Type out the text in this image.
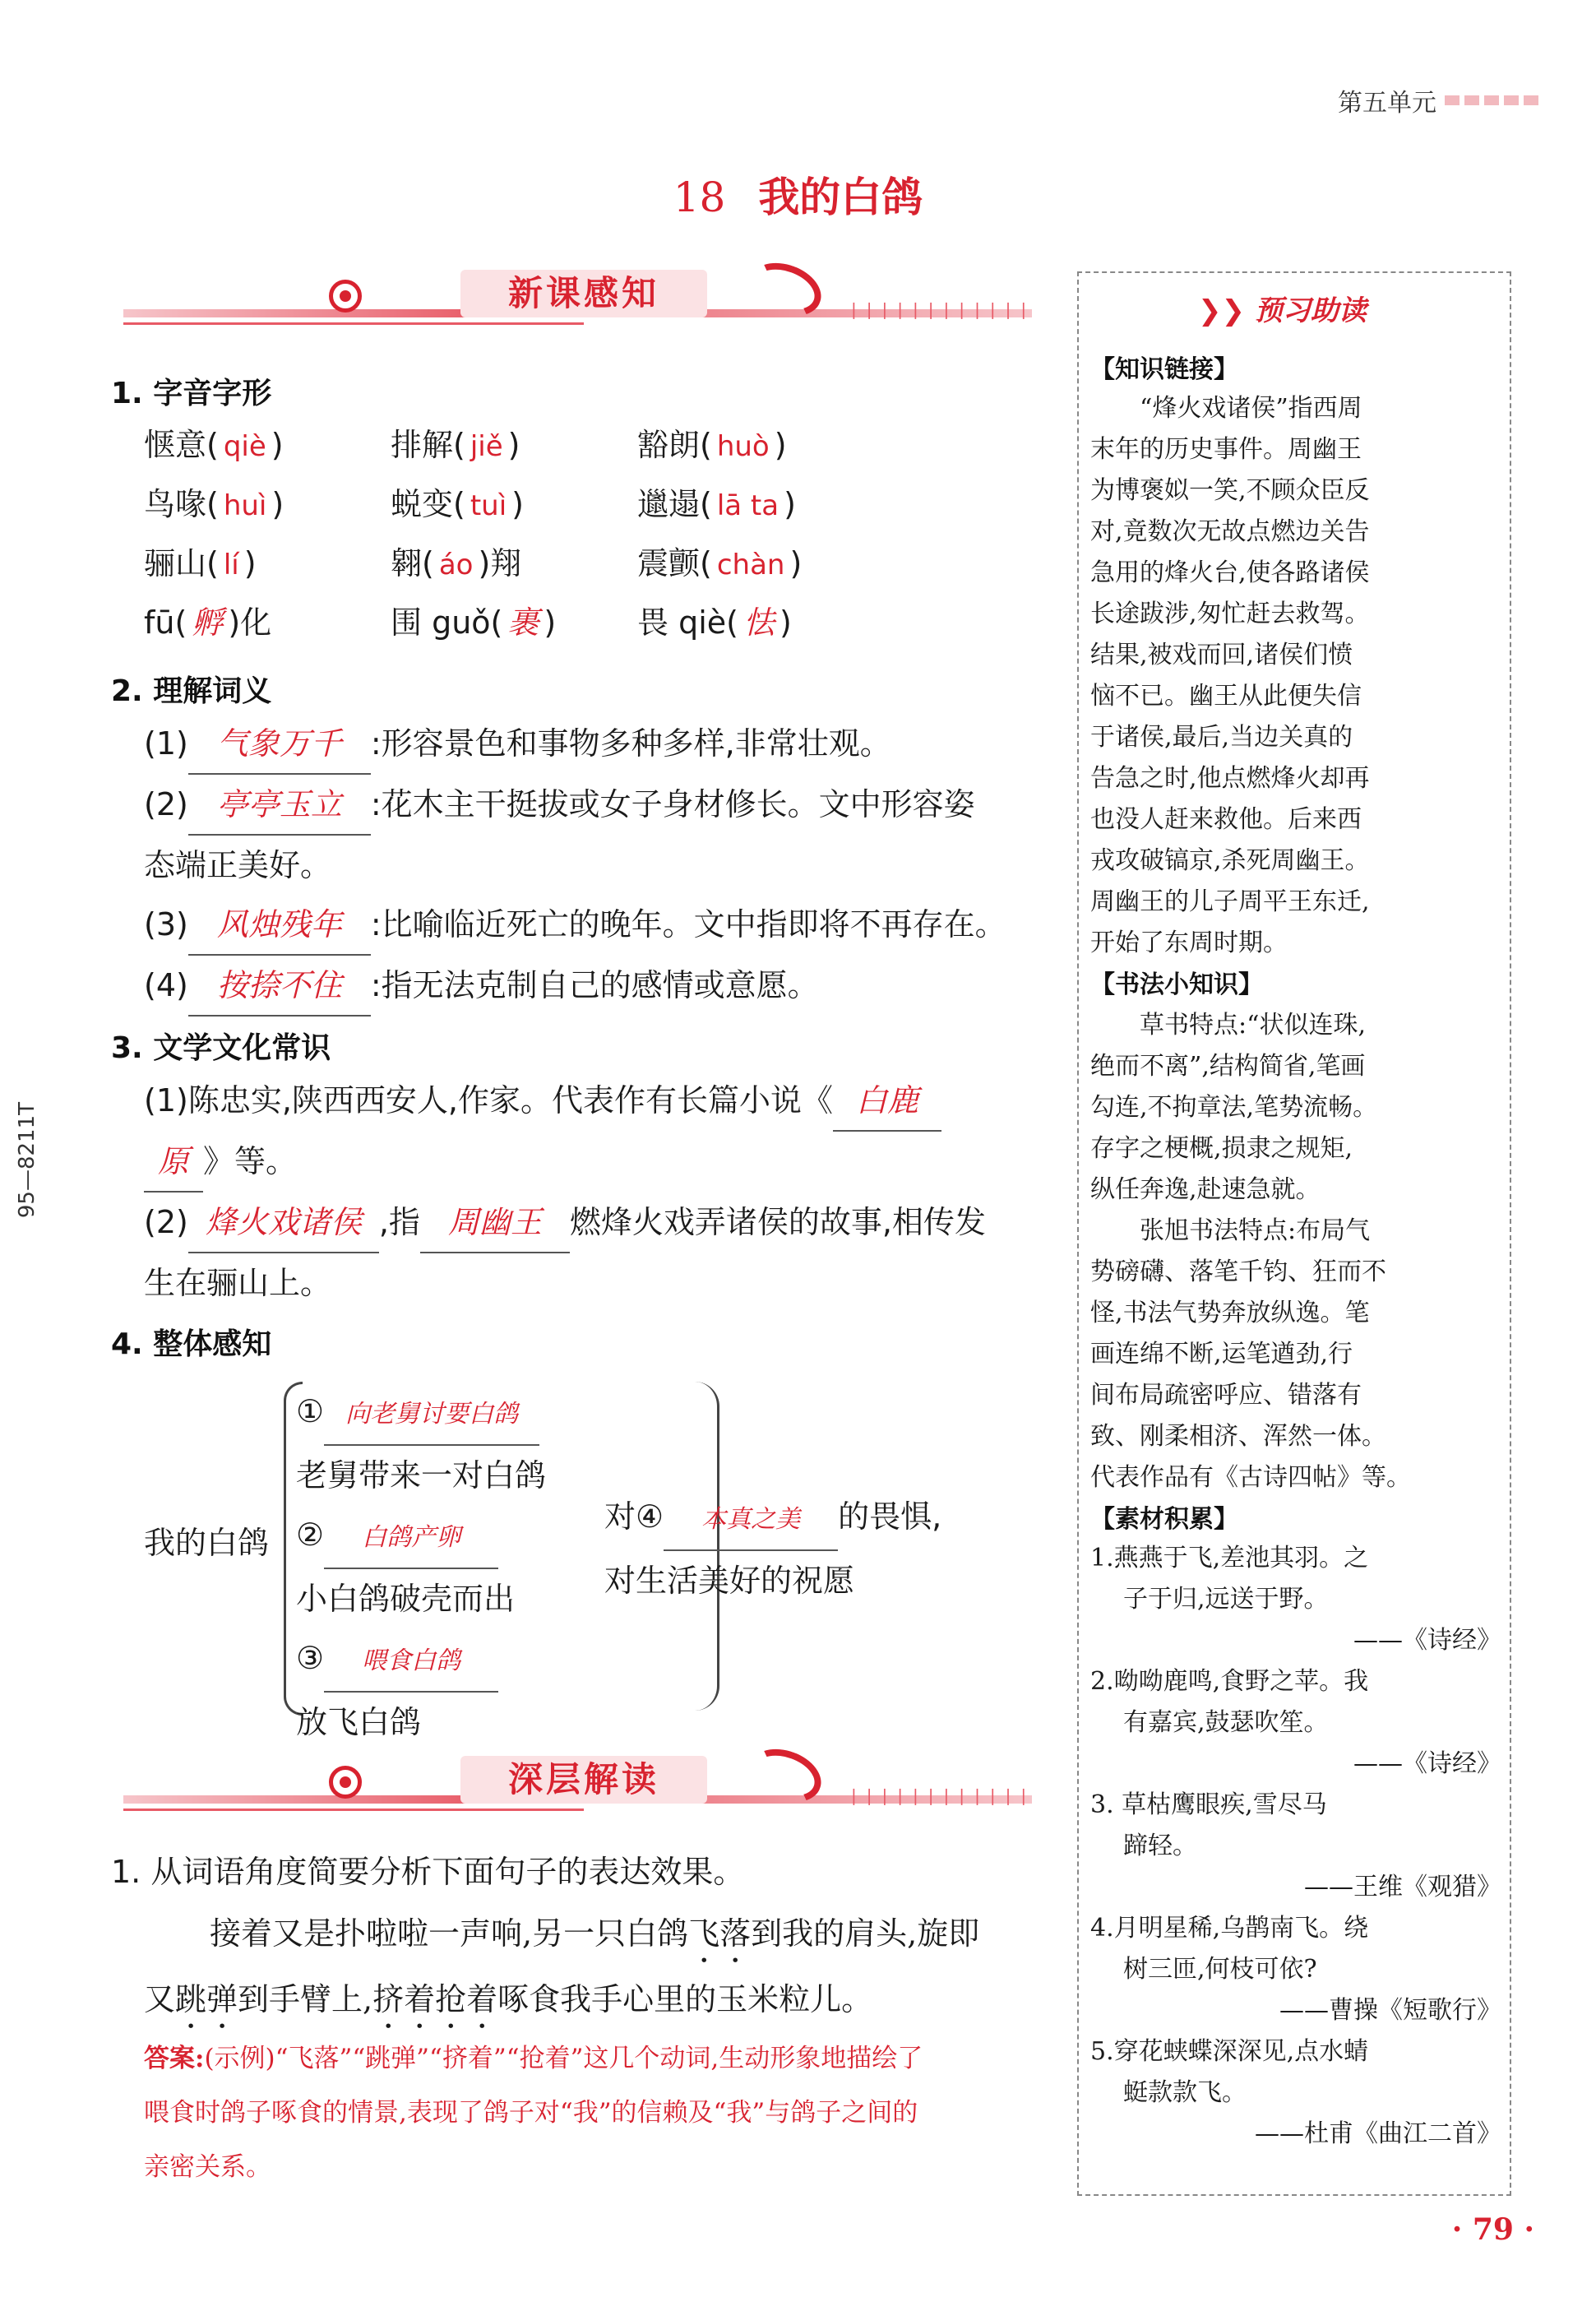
第五单元
18 我的白鸽
新课感知	❘❘❘❘❘❘❘❘❘❘❘❘
1. 字音字形
惬意( qiè )	排解( jiě )	豁朗( huò )
鸟喙( huì )	蜕变( tuì )	邋遢( lā ta )
骊山( lí )	翱( áo )翔	震颤( chàn )
fū( 孵 )化	围 guǒ( 裹 )	畏 qiè( 怯 )
2. 理解词义
(1) 气象万千 :形容景色和事物多种多样,非常壮观。
(2) 亭亭玉立 :花木主干挺拔或女子身材修长。文中形容姿
态端正美好。
(3) 风烛残年 :比喻临近死亡的晚年。文中指即将不再存在。
(4) 按捺不住 :指无法克制自己的感情或意愿。
3. 文学文化常识
(1)陈忠实,陕西西安人,作家。代表作有长篇小说《 白鹿
原 》等。
(2) 烽火戏诸侯 ,指 周幽王 燃烽火戏弄诸侯的故事,相传发
生在骊山上。
4. 整体感知
我的白鸽
① 向老舅讨要白鸽
老舅带来一对白鸽
② 白鸽产卵
小白鸽破壳而出
③ 喂食白鸽
放飞白鸽
对④ 本真之美 的畏惧,
对生活美好的祝愿
深层解读	❘❘❘❘❘❘❘❘❘❘❘❘
1. 从词语角度简要分析下面句子的表达效果。
接着又是扑啦啦一声响,另一只白鸽飞落到我的肩头,旋即
又跳弹到手臂上,挤着抢着啄食我手心里的玉米粒儿。
答案:(示例)“飞落”“跳弹”“挤着”“抢着”这几个动词,生动形象地描绘了
喂食时鸽子啄食的情景,表现了鸽子对“我”的信赖及“我”与鸽子之间的
亲密关系。
❯❯ 预习助读
【知识链接】
“烽火戏诸侯”指西周
末年的历史事件。周幽王
为博褒姒一笑,不顾众臣反
对,竟数次无故点燃边关告
急用的烽火台,使各路诸侯
长途跋涉,匆忙赶去救驾。
结果,被戏而回,诸侯们愤
恼不已。幽王从此便失信
于诸侯,最后,当边关真的
告急之时,他点燃烽火却再
也没人赶来救他。后来西
戎攻破镐京,杀死周幽王。
周幽王的儿子周平王东迁,
开始了东周时期。
【书法小知识】
草书特点:“状似连珠,
绝而不离”,结构简省,笔画
勾连,不拘章法,笔势流畅。
存字之梗概,损隶之规矩,
纵任奔逸,赴速急就。
张旭书法特点:布局气
势磅礴、落笔千钧、狂而不
怪,书法气势奔放纵逸。笔
画连绵不断,运笔遒劲,行
间布局疏密呼应、错落有
致、刚柔相济、浑然一体。
代表作品有《古诗四帖》等。
【素材积累】
1.燕燕于飞,差池其羽。之
子于归,远送于野。
——《诗经》
2.呦呦鹿鸣,食野之苹。我
有嘉宾,鼓瑟吹笙。
——《诗经》
3. 草枯鹰眼疾,雪尽马
蹄轻。
——王维《观猎》
4.月明星稀,乌鹊南飞。绕
树三匝,何枝可依?
——曹操《短歌行》
5.穿花蛱蝶深深见,点水蜻
蜓款款飞。
——杜甫《曲江二首》
· 79 ·
95—8211T
